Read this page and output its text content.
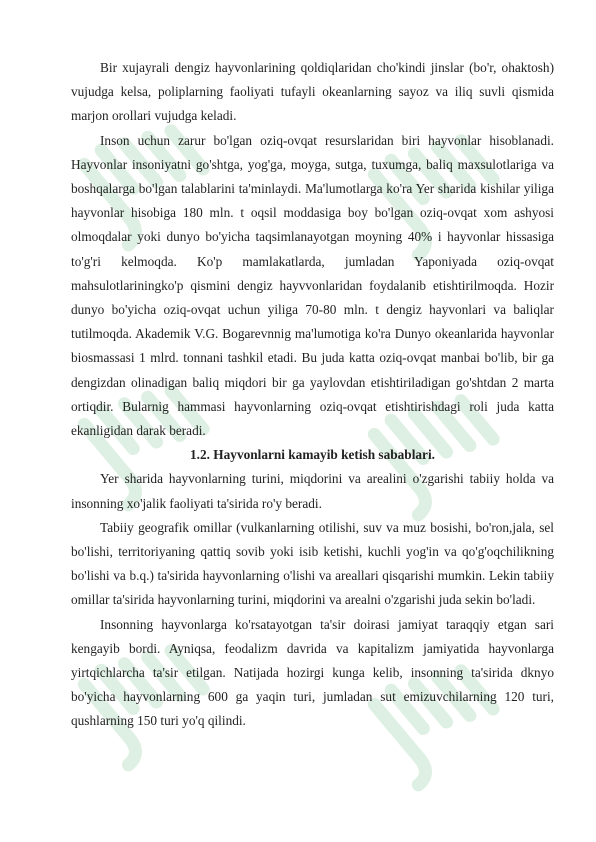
Bir xujayrali dengiz hayvonlarining qoldiqlaridan cho'kindi jinslar (bo'r, ohaktosh) vujudga kelsa, poliplarning faoliyati tufayli okeanlarning sayoz va iliq suvli qismida marjon orollari vujudga keladi.

Inson uchun zarur bo'lgan oziq-ovqat resurslaridan biri hayvonlar hisoblanadi. Hayvonlar insoniyatni go'shtga, yog'ga, moyga, sutga, tuxumga, baliq maxsulotlariga va boshqalarga bo'lgan talablarini ta'minlaydi. Ma'lumotlarga ko'ra Yer sharida kishilar yiliga hayvonlar hisobiga 180 mln. t oqsil moddasiga boy bo'lgan oziq-ovqat xom ashyosi olmoqdalar yoki dunyo bo'yicha taqsimlanayotgan moyning 40% i hayvonlar hissasiga to'g'ri kelmoqda. Ko'p mamlakatlarda, jumladan Yaponiyada oziq-ovqat mahsulotlariningko'p qismini dengiz hayvvonlaridan foydalanib etishtirilmoqda. Hozir dunyo bo'yicha oziq-ovqat uchun yiliga 70-80 mln. t dengiz hayvonlari va baliqlar tutilmoqda. Akademik V.G. Bogarevnnig ma'lumotiga ko'ra Dunyo okeanlarida hayvonlar biosmassasi 1 mlrd. tonnani tashkil etadi. Bu juda katta oziq-ovqat manbai bo'lib, bir ga dengizdan olinadigan baliq miqdori bir ga yaylovdan etishtiriladigan go'shtdan 2 marta ortiqdir. Bularnig hammasi hayvonlarning oziq-ovqat etishtirishdagi roli juda katta ekanligidan darak beradi.

1.2. Hayvonlarni kamayib ketish sabablari.

Yer sharida hayvonlarning turini, miqdorini va arealini o'zgarishi tabiiy holda va insonning xo'jalik faoliyati ta'sirida ro'y beradi.

Tabiiy geografik omillar (vulkanlarning otilishi, suv va muz bosishi, bo'ron,jala, sel bo'lishi, territoriyaning qattiq sovib yoki isib ketishi, kuchli yog'in va qo'g'oqchilikning bo'lishi va b.q.) ta'sirida hayvonlarning o'lishi va areallari qisqarishi mumkin. Lekin tabiiy omillar ta'sirida hayvonlarning turini, miqdorini va arealni o'zgarishi juda sekin bo'ladi.

Insonning hayvonlarga ko'rsatayotgan ta'sir doirasi jamiyat taraqqiy etgan sari kengayib bordi. Ayniqsa, feodalizm davrida va kapitalizm jamiyatida hayvonlarga yirtqichlarcha ta'sir etilgan. Natijada hozirgi kunga kelib, insonning ta'sirida dknyo bo'yicha hayvonlarning 600 ga yaqin turi, jumladan sut emizuvchilarning 120 turi, qushlarning 150 turi yo'q qilindi.
